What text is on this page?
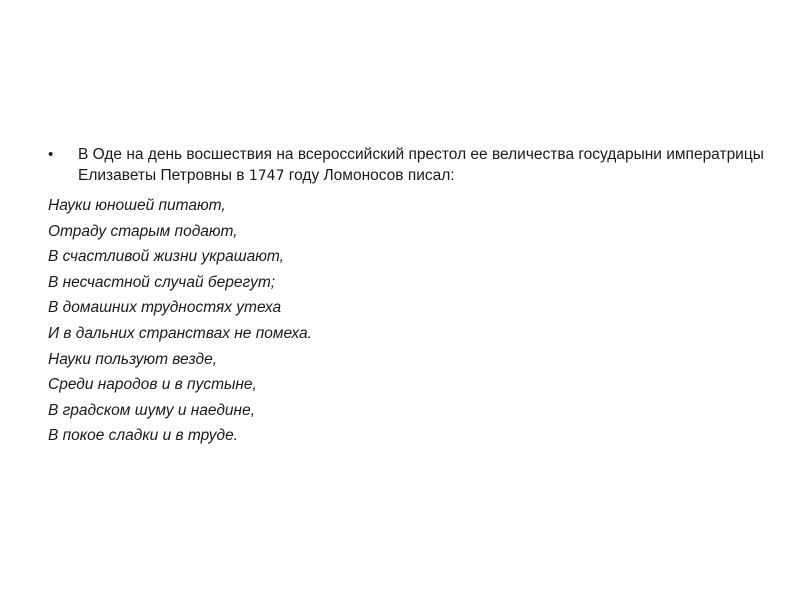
• В Оде на день восшествия на всероссийский престол ее величества государыни императрицы Елизаветы Петровны в 1747 году Ломоносов писал:
Науки юношей питают,
Отраду старым подают,
В счастливой жизни украшают,
В несчастной случай берегут;
В домашних трудностях утеха
И в дальних странствах не помеха.
Науки пользуют везде,
Среди народов и в пустыне,
В градском шуму и наедине,
В покое сладки и в труде.
